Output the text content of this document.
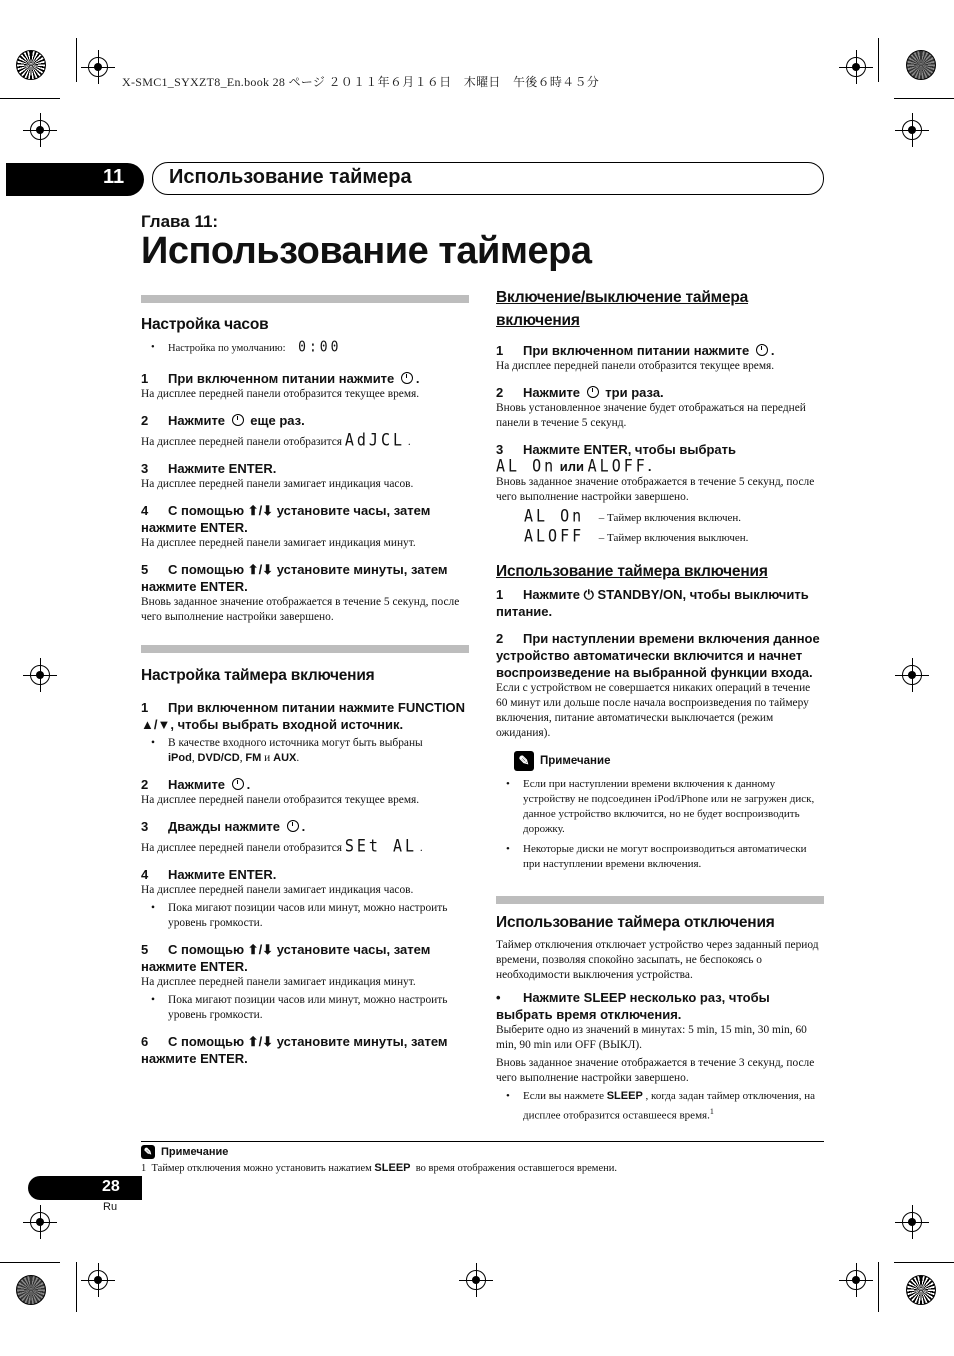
X-SMC1_SYXZT8_En.book 28 ページ ２０１１年６月１６日　木曜日　午後６時４５分
11 Использование таймера
Глава 11:
Использование таймера
Настройка часов
• Настройка по умолчанию: 0:00
1 При включенном питании нажмите .
На дисплее передней панели отобразится текущее время.
2 Нажмите еще раз.
На дисплее передней панели отобразится AdJCL .
3 Нажмите ENTER.
На дисплее передней панели замигает индикация часов.
4 С помощью ⬆/⬇ установите часы, затем нажмите ENTER.
На дисплее передней панели замигает индикация минут.
5 С помощью ⬆/⬇ установите минуты, затем нажмите ENTER.
Вновь заданное значение отображается в течение 5 секунд, после чего выполнение настройки завершено.
Настройка таймера включения
1 При включенном питании нажмите FUNCTION ▲/▼, чтобы выбрать входной источник.
• В качестве входного источника могут быть выбраны
iPod, DVD/CD, FM и AUX.
2 Нажмите .
На дисплее передней панели отобразится текущее время.
3 Дважды нажмите .
На дисплее передней панели отобразится SEt AL .
4 Нажмите ENTER.
На дисплее передней панели замигает индикация часов.
• Пока мигают позиции часов или минут, можно настроить уровень громкости.
5 С помощью ⬆/⬇ установите часы, затем нажмите ENTER.
На дисплее передней панели замигает индикация минут.
• Пока мигают позиции часов или минут, можно настроить уровень громкости.
6 С помощью ⬆/⬇ установите минуты, затем нажмите ENTER.
Включение/выключение таймера включения
1 При включенном питании нажмите .
На дисплее передней панели отобразится текущее время.
2 Нажмите три раза.
Вновь установленное значение будет отображаться на передней панели в течение 5 секунд.
3 Нажмите ENTER, чтобы выбрать
AL On или ALOFF.
Вновь заданное значение отображается в течение 5 секунд, после чего выполнение настройки завершено.
AL On – Таймер включения включен.
ALOFF – Таймер включения выключен.
Использование таймера включения
1 Нажмите ⏻ STANDBY/ON, чтобы выключить питание.
2 При наступлении времени включения данное устройство автоматически включится и начнет воспроизведение на выбранной функции входа.
Если с устройством не совершается никаких операций в течение 60 минут или дольше после начала воспроизведения по таймеру включения, питание автоматически выключается (режим ожидания).
✎ Примечание
• Если при наступлении времени включения к данному устройству не подсоединен iPod/iPhone или не загружен диск, данное устройство включится, но не будет воспроизводить дорожку.
• Некоторые диски не могут воспроизводиться автоматически при наступлении времени включения.
Использование таймера отключения
Таймер отключения отключает устройство через заданный период времени, позволяя спокойно засыпать, не беспокоясь о необходимости выключения устройства.
• Нажмите SLEEP несколько раз, чтобы выбрать время отключения.
Выберите одно из значений в минутах: 5 min, 15 min, 30 min, 60 min, 90 min или OFF (ВЫКЛ).
Вновь заданное значение отображается в течение 3 секунд, после чего выполнение настройки завершено.
• Если вы нажмете SLEEP , когда задан таймер отключения, на дисплее отобразится оставшееся время.$^1$
✎ Примечание
1 Таймер отключения можно установить нажатием SLEEP во время отображения оставшегося времени.
28
Ru
